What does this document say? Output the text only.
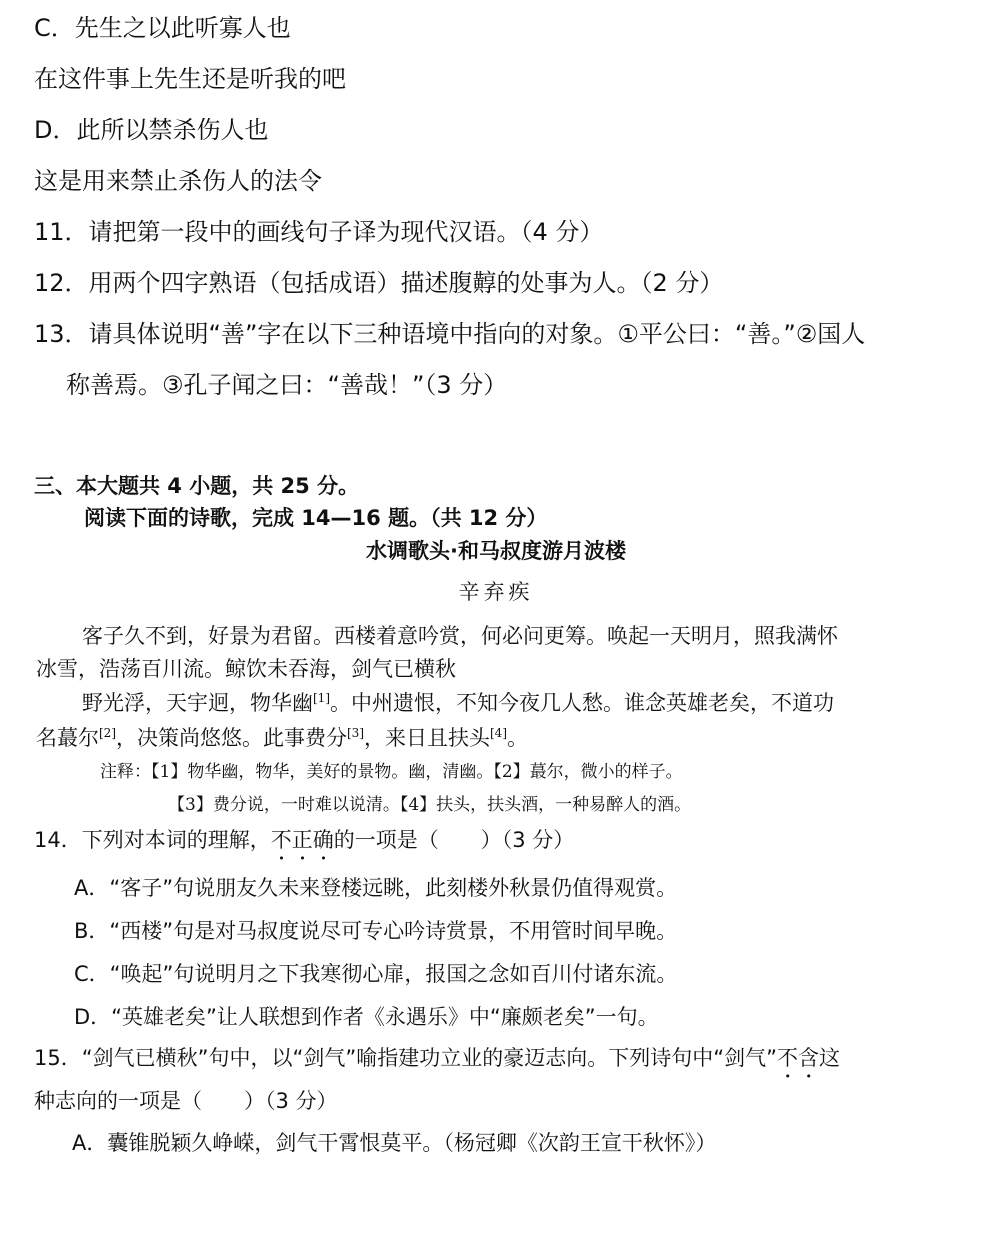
C．先生之以此听寡人也
在这件事上先生还是听我的吧
D．此所以禁杀伤人也
这是用来禁止杀伤人的法令
11．请把第一段中的画线句子译为现代汉语。（4 分）
12．用两个四字熟语（包括成语）描述腹䵍的处事为人。（2 分）
13．请具体说明“善”字在以下三种语境中指向的对象。①平公曰：“善。”②国人
称善焉。③孔子闻之曰：“善哉！”（3 分）
三、本大题共 4 小题，共 25 分。
阅读下面的诗歌，完成 14—16 题。（共 12 分）
水调歌头·和马叔度游月波楼
辛弃疾
客子久不到，好景为君留。西楼着意吟赏，何必问更筹。唤起一天明月，照我满怀
冰雪，浩荡百川流。鲸饮未吞海，剑气已横秋
野光浮，天宇迥，物华幽[1]。中州遗恨，不知今夜几人愁。谁念英雄老矣，不道功
名蕞尔[2]，决策尚悠悠。此事费分[3]，来日且扶头[4]。
注释：【1】物华幽，物华，美好的景物。幽，清幽。【2】蕞尔，微小的样子。
【3】费分说，一时难以说清。【4】扶头，扶头酒，一种易醉人的酒。
14．下列对本词的理解，不正确的一项是（　　）（3 分）
A．“客子”句说朋友久未来登楼远眺，此刻楼外秋景仍值得观赏。
B．“西楼”句是对马叔度说尽可专心吟诗赏景，不用管时间早晚。
C．“唤起”句说明月之下我寒彻心扉，报国之念如百川付诸东流。
D．“英雄老矣”让人联想到作者《永遇乐》中“廉颇老矣”一句。
15．“剑气已横秋”句中，以“剑气”喻指建功立业的豪迈志向。下列诗句中“剑气”不含这
种志向的一项是（　　）（3 分）
A．囊锥脱颖久峥嵘，剑气干霄恨莫平。（杨冠卿《次韵王宣干秋怀》）
